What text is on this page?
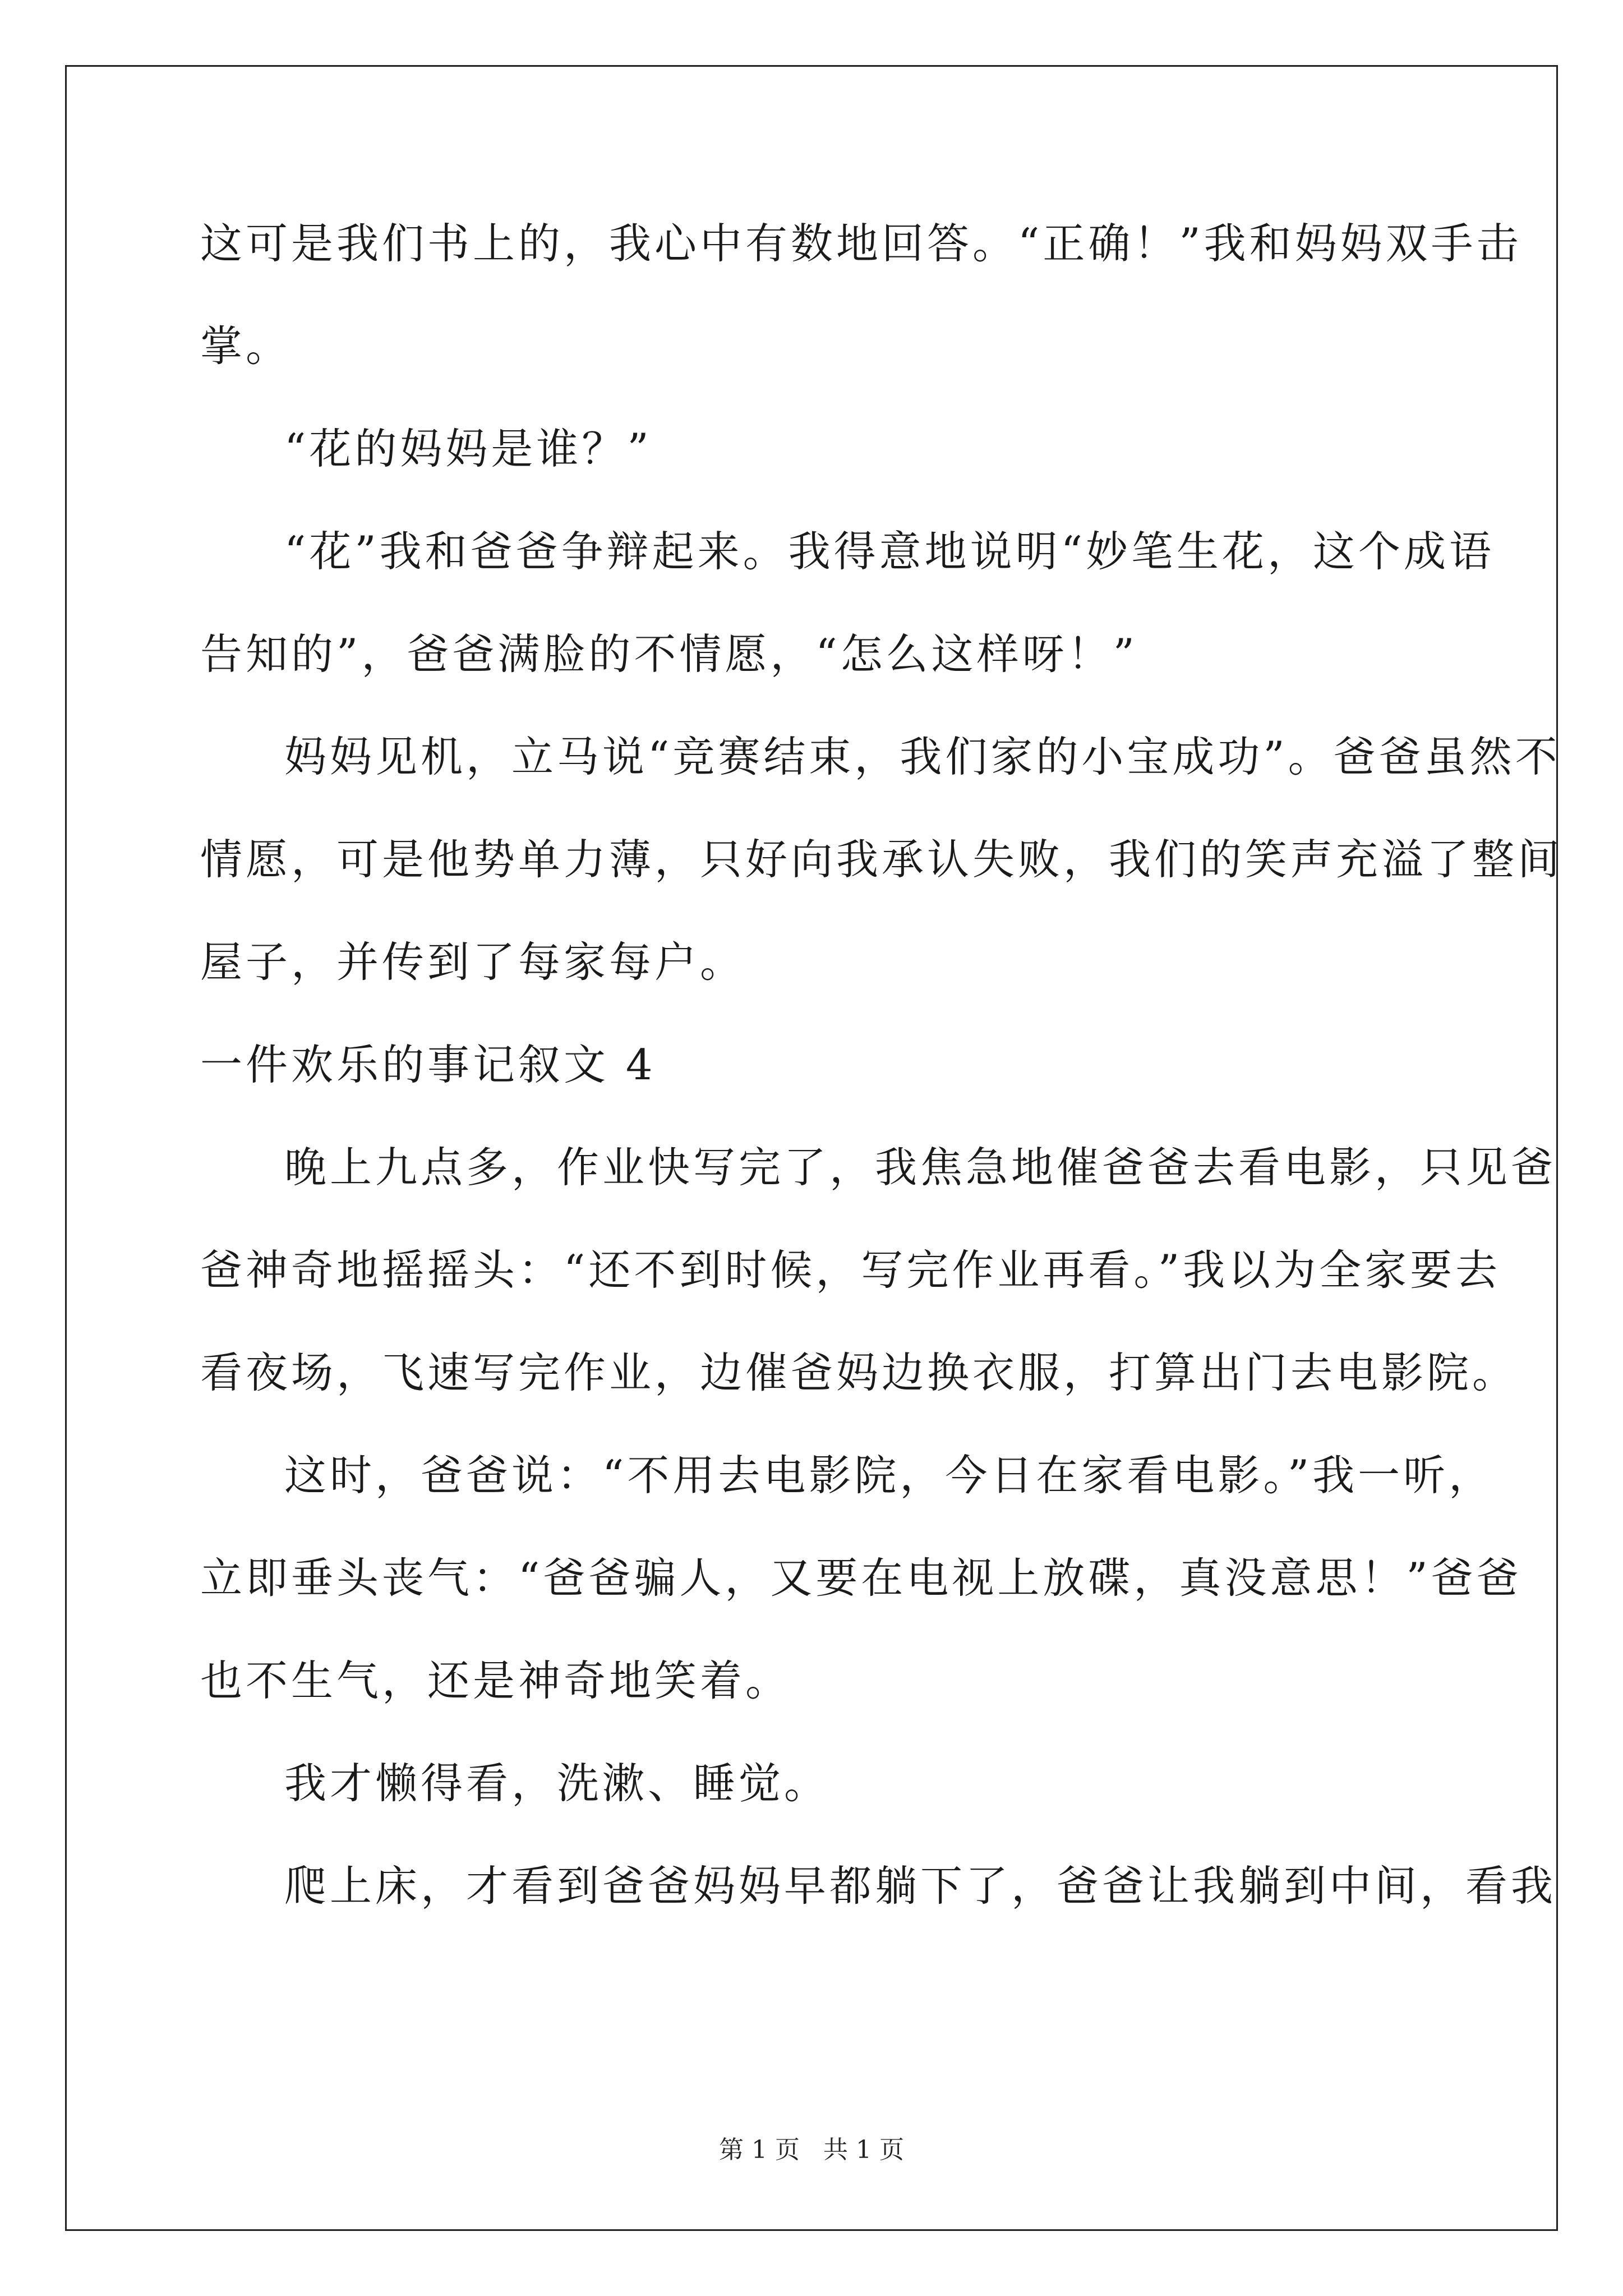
这可是我们书上的，我心中有数地回答。“正确！”我和妈妈双手击
掌。
“花的妈妈是谁？”
“花”我和爸爸争辩起来。我得意地说明“妙笔生花，这个成语
告知的”，爸爸满脸的不情愿，“怎么这样呀！”
妈妈见机，立马说“竞赛结束，我们家的小宝成功”。爸爸虽然不
情愿，可是他势单力薄，只好向我承认失败，我们的笑声充溢了整间
屋子，并传到了每家每户。
一件欢乐的事记叙文 4
晚上九点多，作业快写完了，我焦急地催爸爸去看电影，只见爸
爸神奇地摇摇头：“还不到时候，写完作业再看。”我以为全家要去
看夜场，飞速写完作业，边催爸妈边换衣服，打算出门去电影院。
这时，爸爸说：“不用去电影院，今日在家看电影。”我一听，
立即垂头丧气：“爸爸骗人，又要在电视上放碟，真没意思！”爸爸
也不生气，还是神奇地笑着。
我才懒得看，洗漱、睡觉。
爬上床，才看到爸爸妈妈早都躺下了，爸爸让我躺到中间，看我
第 1 页   共 1 页
